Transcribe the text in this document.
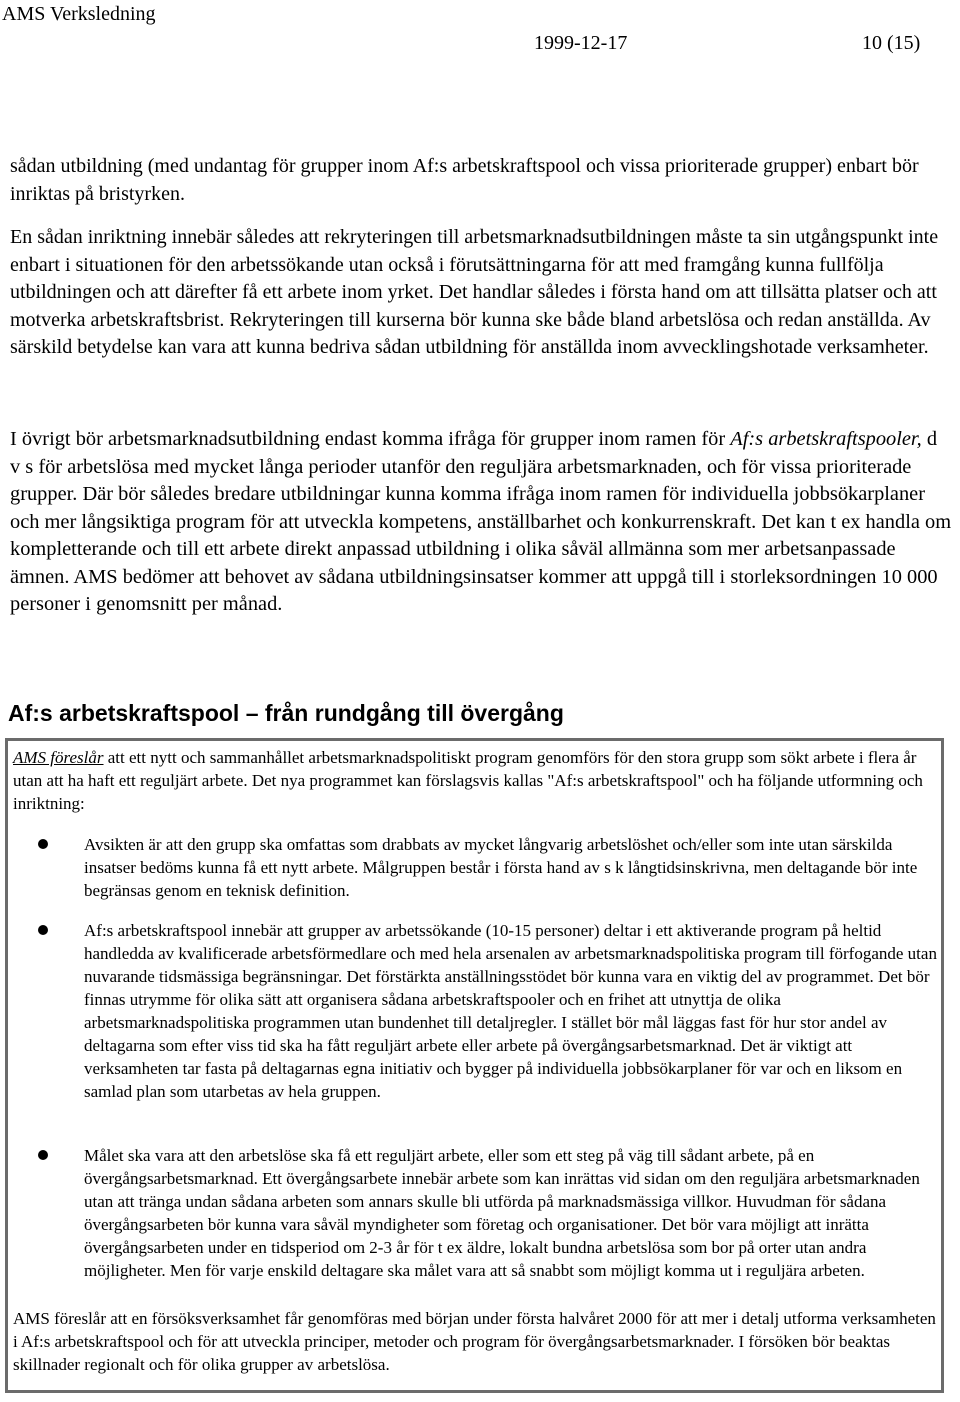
AMS Verksledning
1999-12-17	10 (15)

sådan utbildning (med undantag för grupper inom Af:s arbetskraftspool och vissa prioriterade grupper) enbart bör inriktas på bristyrken.

En sådan inriktning innebär således att rekryteringen till arbetsmarknadsutbildningen måste ta sin utgångspunkt inte enbart i situationen för den arbetssökande utan också i förutsättningarna för att med framgång kunna fullfölja utbildningen och att därefter få ett arbete inom yrket. Det handlar således i första hand om att tillsätta platser och att motverka arbetskraftsbrist. Rekryteringen till kurserna bör kunna ske både bland arbetslösa och redan anställda. Av särskild betydelse kan vara att kunna bedriva sådan utbildning för anställda inom avvecklingshotade verksamheter.

I övrigt bör arbetsmarknadsutbildning endast komma ifråga för grupper inom ramen för Af:s arbetskraftspooler, d v s för arbetslösa med mycket långa perioder utanför den reguljära arbetsmarknaden, och för vissa prioriterade grupper. Där bör således bredare utbildningar kunna komma ifråga inom ramen för individuella jobbsökarplaner och mer långsiktiga program för att utveckla kompetens, anställbarhet och konkurrenskraft. Det kan t ex handla om kompletterande och till ett arbete direkt anpassad utbildning i olika såväl allmänna som mer arbetsanpassade ämnen. AMS bedömer att behovet av sådana utbildningsinsatser kommer att uppgå till i storleksordningen 10 000 personer i genomsnitt per månad.

Af:s arbetskraftspool – från rundgång till övergång

AMS föreslår att ett nytt och sammanhållet arbetsmarknadspolitiskt program genomförs för den stora grupp som sökt arbete i flera år utan att ha haft ett reguljärt arbete. Det nya programmet kan förslagsvis kallas "Af:s arbetskraftspool" och ha följande utformning och inriktning:

Avsikten är att den grupp ska omfattas som drabbats av mycket långvarig arbetslöshet och/eller som inte utan särskilda insatser bedöms kunna få ett nytt arbete. Målgruppen består i första hand av s k långtidsinskrivna, men deltagande bör inte begränsas genom en teknisk definition.

Af:s arbetskraftspool innebär att grupper av arbetssökande (10-15 personer) deltar i ett aktiverande program på heltid handledda av kvalificerade arbetsförmedlare och med hela arsenalen av arbetsmarknadspolitiska program till förfogande utan nuvarande tidsmässiga begränsningar. Det förstärkta anställningsstödet bör kunna vara en viktig del av programmet. Det bör finnas utrymme för olika sätt att organisera sådana arbetskraftspooler och en frihet att utnyttja de olika arbetsmarknadspolitiska programmen utan bundenhet till detaljregler. I stället bör mål läggas fast för hur stor andel av deltagarna som efter viss tid ska ha fått reguljärt arbete eller arbete på övergångsarbetsmarknad. Det är viktigt att verksamheten tar fasta på deltagarnas egna initiativ och bygger på individuella jobbsökarplaner för var och en liksom en samlad plan som utarbetas av hela gruppen.

Målet ska vara att den arbetslöse ska få ett reguljärt arbete, eller som ett steg på väg till sådant arbete, på en övergångsarbetsmarknad. Ett övergångsarbete innebär arbete som kan inrättas vid sidan om den reguljära arbetsmarknaden utan att tränga undan sådana arbeten som annars skulle bli utförda på marknadsmässiga villkor. Huvudman för sådana övergångsarbeten bör kunna vara såväl myndigheter som företag och organisationer. Det bör vara möjligt att inrätta övergångsarbeten under en tidsperiod om 2-3 år för t ex äldre, lokalt bundna arbetslösa som bor på orter utan andra möjligheter. Men för varje enskild deltagare ska målet vara att så snabbt som möjligt komma ut i reguljära arbeten.

AMS föreslår att en försöksverksamhet får genomföras med början under första halvåret 2000 för att mer i detalj utforma verksamheten i Af:s arbetskraftspool och för att utveckla principer, metoder och program för övergångsarbetsmarknader. I försöken bör beaktas skillnader regionalt och för olika grupper av arbetslösa.
